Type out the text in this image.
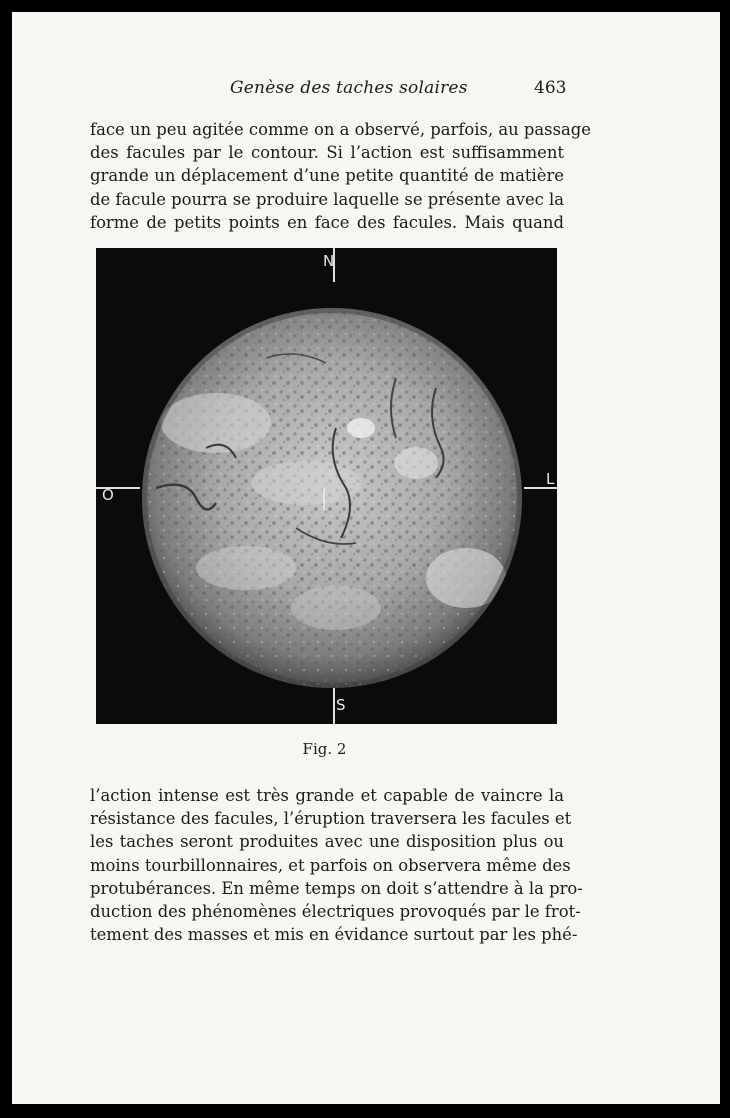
Genèse des taches solaires	463
face un peu agitée comme on a observé, parfois, au passage
des facules par le contour. Si l’action est suffisamment
grande un déplacement d’une petite quantité de matière
de facule pourra se produire laquelle se présente avec la
forme de petits points en face des facules. Mais quand
N
L
O
S
Fig. 2
l’action intense est très grande et capable de vaincre la
résistance des facules, l’éruption traversera les facules et
les taches seront produites avec une disposition plus ou
moins tourbillonnaires, et parfois on observera même des
protubérances. En même temps on doit s’attendre à la pro-
duction des phénomènes électriques provoqués par le frot-
tement des masses et mis en évidance surtout par les phé-
